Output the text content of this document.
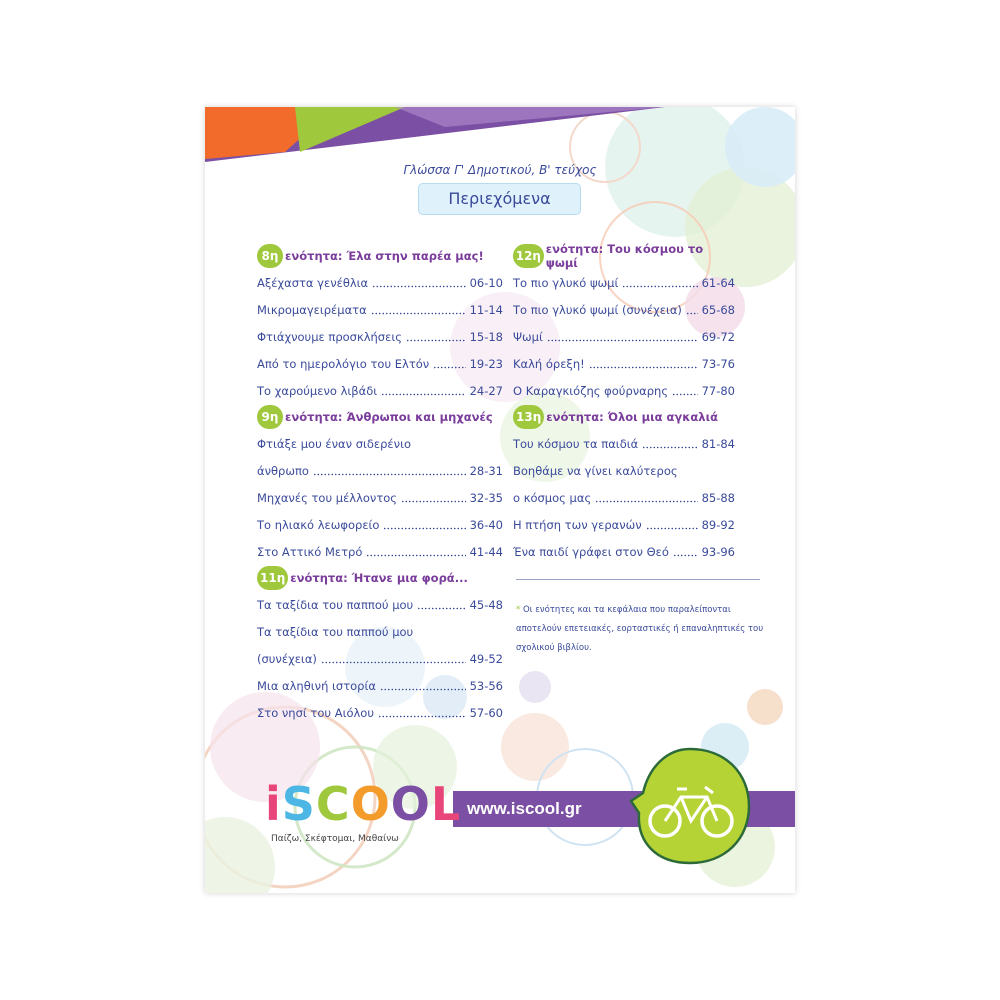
Γλώσσα Γ' Δημοτικού, Β' τεύχος
Περιεχόμενα
8η ενότητα: Έλα στην παρέα μας!
Αξέχαστα γενέθλια	06-10
Μικρομαγειρέματα	11-14
Φτιάχνουμε προσκλήσεις	15-18
Από το ημερολόγιο του Ελτόν	19-23
Το χαρούμενο λιβάδι	24-27
9η ενότητα: Άνθρωποι και μηχανές
Φτιάξε μου έναν σιδερένιο
άνθρωπο	28-31
Μηχανές του μέλλοντος	32-35
Το ηλιακό λεωφορείο	36-40
Στο Αττικό Μετρό	41-44
11η ενότητα: Ήτανε μια φορά...
Τα ταξίδια του παππού μου	45-48
Τα ταξίδια του παππού μου
(συνέχεια)	49-52
Μια αληθινή ιστορία	53-56
Στο νησί του Αιόλου	57-60
12η ενότητα: Του κόσμου το ψωμί
Το πιο γλυκό ψωμί	61-64
Το πιο γλυκό ψωμί (συνέχεια) 65-68
Ψωμί	69-72
Καλή όρεξη!	73-76
Ο Καραγκιόζης φούρναρης	77-80
13η ενότητα: Όλοι μια αγκαλιά
Του κόσμου τα παιδιά	81-84
Βοηθάμε να γίνει καλύτερος
ο κόσμος μας	85-88
Η πτήση των γερανών	89-92
Ένα παιδί γράφει στον Θεό	93-96
* Οι ενότητες και τα κεφάλαια που παραλείπονται αποτελούν επετειακές, εορταστικές ή επαναληπτικές του σχολικού βιβλίου.
www.iscool.gr
iSCOOL
Παίζω, Σκέφτομαι, Μαθαίνω
